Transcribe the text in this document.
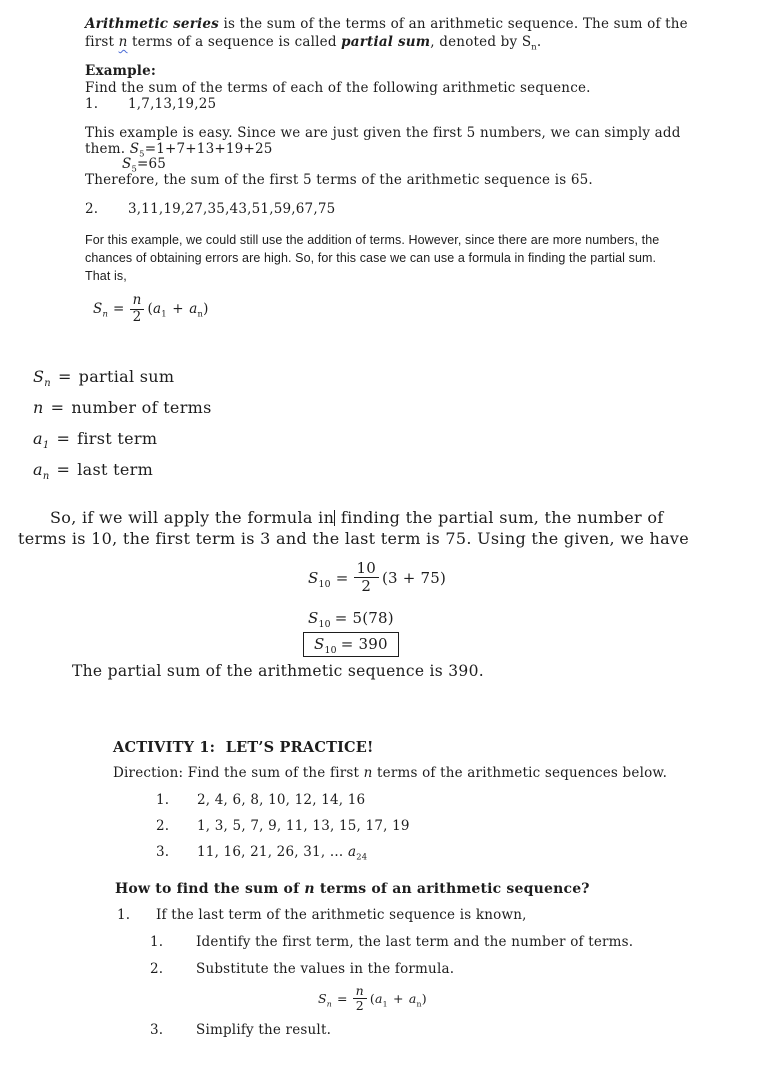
Arithmetic series is the sum of the terms of an arithmetic sequence. The sum of the
first n terms of a sequence is called partial sum, denoted by $S_n$.
Example:
Find the sum of the terms of each of the following arithmetic sequence.
1.	1,7,13,19,25
This example is easy. Since we are just given the first 5 numbers, we can simply add
them. $S_5=1+7+13+19+25$
$S_5=65$
Therefore, the sum of the first 5 terms of the arithmetic sequence is 65.
2.	3,11,19,27,35,43,51,59,67,75
For this example, we could still use the addition of terms. However, since there are more numbers, the
chances of obtaining errors are high. So, for this case we can use a formula in finding the partial sum.
That is,
$S_n = \frac{n}{2} (a_1 + a_n)$
$S_n$ = partial sum
n = number of terms
$a_1$ = first term
$a_n$ = last term
So, if we will apply the formula in finding the partial sum, the number of
terms is 10, the first term is 3 and the last term is 75. Using the given, we have
$S_{10} = \frac{10}{2} (3 + 75)$
$S_{10} = 5(78)$
$S_{10} = 390$
The partial sum of the arithmetic sequence is 390.
ACTIVITY 1:  LET’S PRACTICE!
Direction: Find the sum of the first n terms of the arithmetic sequences below.
1.	2, 4, 6, 8, 10, 12, 14, 16
2.	1, 3, 5, 7, 9, 11, 13, 15, 17, 19
3.	11, 16, 21, 26, 31, … $a_{24}$
How to find the sum of n terms of an arithmetic sequence?
1.	If the last term of the arithmetic sequence is known,
1.	Identify the first term, the last term and the number of terms.
2.	Substitute the values in the formula.
$S_n = \frac{n}{2} (a_1 + a_n)$
3.	Simplify the result.
